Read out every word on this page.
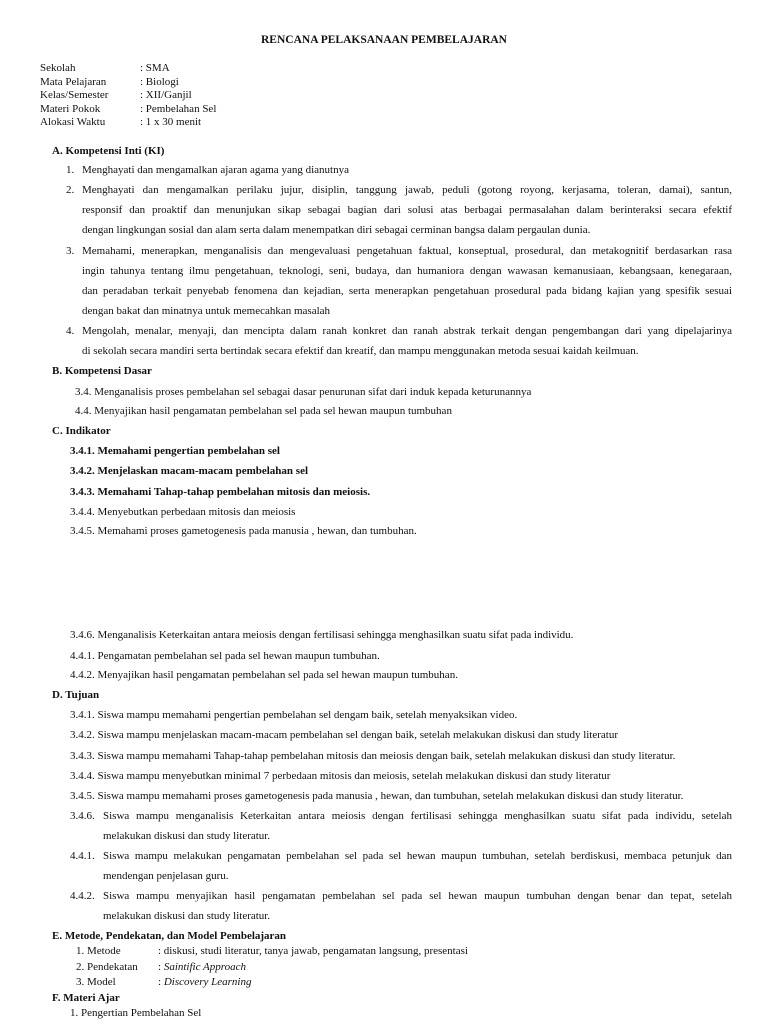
RENCANA PELAKSANAAN PEMBELAJARAN
Sekolah	: SMA
Mata Pelajaran	: Biologi
Kelas/Semester	: XII/Ganjil
Materi Pokok	: Pembelahan Sel
Alokasi Waktu	: 1 x 30 menit
A. Kompetensi Inti (KI)
1. Menghayati dan mengamalkan ajaran agama yang dianutnya
2. Menghayati dan mengamalkan perilaku jujur, disiplin, tanggung jawab, peduli (gotong royong, kerjasama, toleran, damai), santun,
responsif dan proaktif dan menunjukan sikap sebagai bagian dari solusi atas berbagai permasalahan dalam berinteraksi secara efektif
dengan lingkungan sosial dan alam serta dalam menempatkan diri sebagai cerminan bangsa dalam pergaulan dunia.
3. Memahami, menerapkan, menganalisis dan mengevaluasi pengetahuan faktual, konseptual, prosedural, dan metakognitif berdasarkan rasa
ingin tahunya tentang ilmu pengetahuan, teknologi, seni, budaya, dan humaniora dengan wawasan kemanusiaan, kebangsaan, kenegaraan,
dan peradaban terkait penyebab fenomena dan kejadian, serta menerapkan pengetahuan prosedural pada bidang kajian yang spesifik sesuai
dengan bakat dan minatnya untuk memecahkan masalah
4. Mengolah, menalar, menyaji, dan mencipta dalam ranah konkret dan ranah abstrak terkait dengan pengembangan dari yang dipelajarinya
di sekolah secara mandiri serta bertindak secara efektif dan kreatif, dan mampu menggunakan metoda sesuai kaidah keilmuan.
B. Kompetensi Dasar
3.4. Menganalisis proses pembelahan sel sebagai dasar penurunan sifat dari induk kepada keturunannya
4.4. Menyajikan hasil pengamatan pembelahan sel pada sel hewan maupun tumbuhan
C. Indikator
3.4.1. Memahami pengertian pembelahan sel
3.4.2. Menjelaskan macam-macam pembelahan sel
3.4.3. Memahami Tahap-tahap pembelahan mitosis dan meiosis.
3.4.4. Menyebutkan perbedaan mitosis dan meiosis
3.4.5. Memahami proses gametogenesis pada manusia , hewan, dan tumbuhan.
3.4.6. Menganalisis Keterkaitan antara meiosis dengan fertilisasi sehingga menghasilkan suatu sifat pada individu.
4.4.1. Pengamatan pembelahan sel pada sel hewan maupun tumbuhan.
4.4.2. Menyajikan hasil pengamatan pembelahan sel pada sel hewan maupun tumbuhan.
D. Tujuan
3.4.1. Siswa mampu memahami pengertian pembelahan sel dengam baik, setelah menyaksikan video.
3.4.2. Siswa mampu menjelaskan macam-macam pembelahan sel dengan baik, setelah melakukan diskusi dan study literatur
3.4.3. Siswa mampu memahami Tahap-tahap pembelahan mitosis dan meiosis dengan baik, setelah melakukan diskusi dan study literatur.
3.4.4. Siswa mampu menyebutkan minimal 7 perbedaan mitosis dan meiosis, setelah melakukan diskusi dan study literatur
3.4.5. Siswa mampu memahami proses gametogenesis pada manusia , hewan, dan tumbuhan, setelah melakukan diskusi dan study literatur.
3.4.6. Siswa mampu menganalisis Keterkaitan antara meiosis dengan fertilisasi sehingga menghasilkan suatu sifat pada individu, setelah
melakukan diskusi dan study literatur.
4.4.1. Siswa mampu melakukan pengamatan pembelahan sel pada sel hewan maupun tumbuhan, setelah berdiskusi, membaca petunjuk dan
mendengan penjelasan guru.
4.4.2. Siswa mampu menyajikan hasil pengamatan pembelahan sel pada sel hewan maupun tumbuhan dengan benar dan tepat, setelah
melakukan diskusi dan study literatur.
E. Metode, Pendekatan, dan Model Pembelajaran
1. Metode	: diskusi, studi literatur, tanya jawab, pengamatan langsung, presentasi
2. Pendekatan : Saintific Approach
3. Model	: Discovery Learning
F. Materi Ajar
1. Pengertian Pembelahan Sel
